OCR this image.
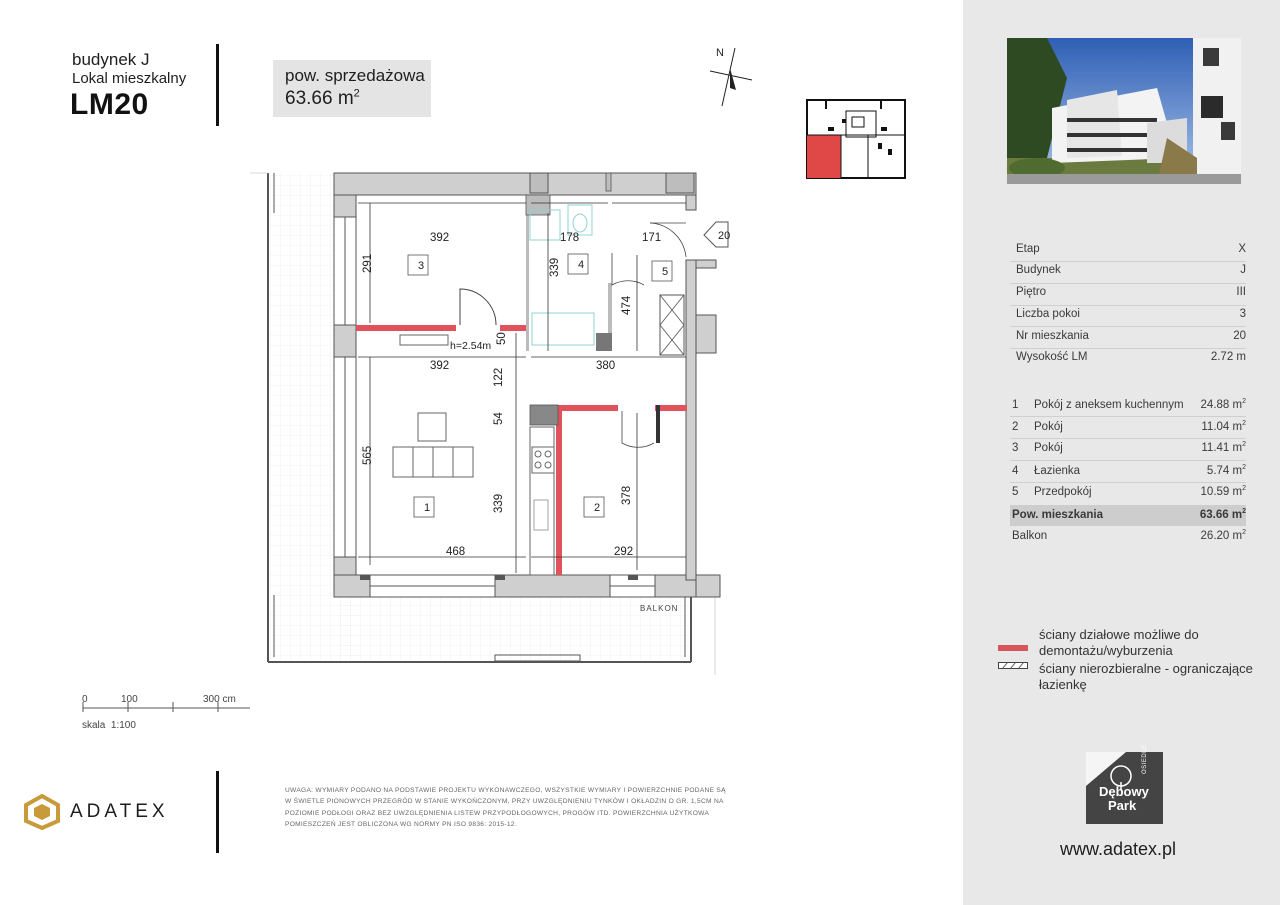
budynek J
Lokal mieszkalny
LM20
pow. sprzedażowa
63.66 $m^2$
N
392	178	171
291	339
474
392	380
122
50
54
565
339	378
468	292
h=2.54m
3	4
5
1	2
20
BALKON
0	100	300 cm
skala  1:100
ADATEX
UWAGA: WYMIARY PODANO NA PODSTAWIE PROJEKTU WYKONAWCZEGO, WSZYSTKIE WYMIARY I POWIERZCHNIE PODANE SĄ
W ŚWIETLE PIONOWYCH PRZEGRÓD W STANIE WYKOŃCZONYM, PRZY UWZGLĘDNIENIU TYNKÓW I OKŁADZIN O GR. 1,5CM NA
POZIOMIE PODŁOGI ORAZ BEZ UWZGLĘDNIENIA LISTEW PRZYPODŁOGOWYCH, PROGÓW ITD. POWIERZCHNIA UŻYTKOWA
POMIESZCZEŃ JEST OBLICZONA WG NORMY PN ISO 9836: 2015-12.
Etap	X
Budynek	J
Piętro	III
Liczba pokoi	3
Nr mieszkania	20
Wysokość LM	2.72 m
1 Pokój z aneksem kuchennym 24.88 $m^2$
2 Pokój	11.04 $m^2$
3 Pokój	11.41 $m^2$
4 Łazienka	5.74 $m^2$
5 Przedpokój	10.59 $m^2$
Pow. mieszkania	63.66 $m^2$
Balkon	26.20 $m^2$
ściany działowe możliwe do
demontażu/wyburzenia
ściany nierozbieralne - ograniczające
łazienkę
OSIEDLE
Dębowy
Park
www.adatex.pl
